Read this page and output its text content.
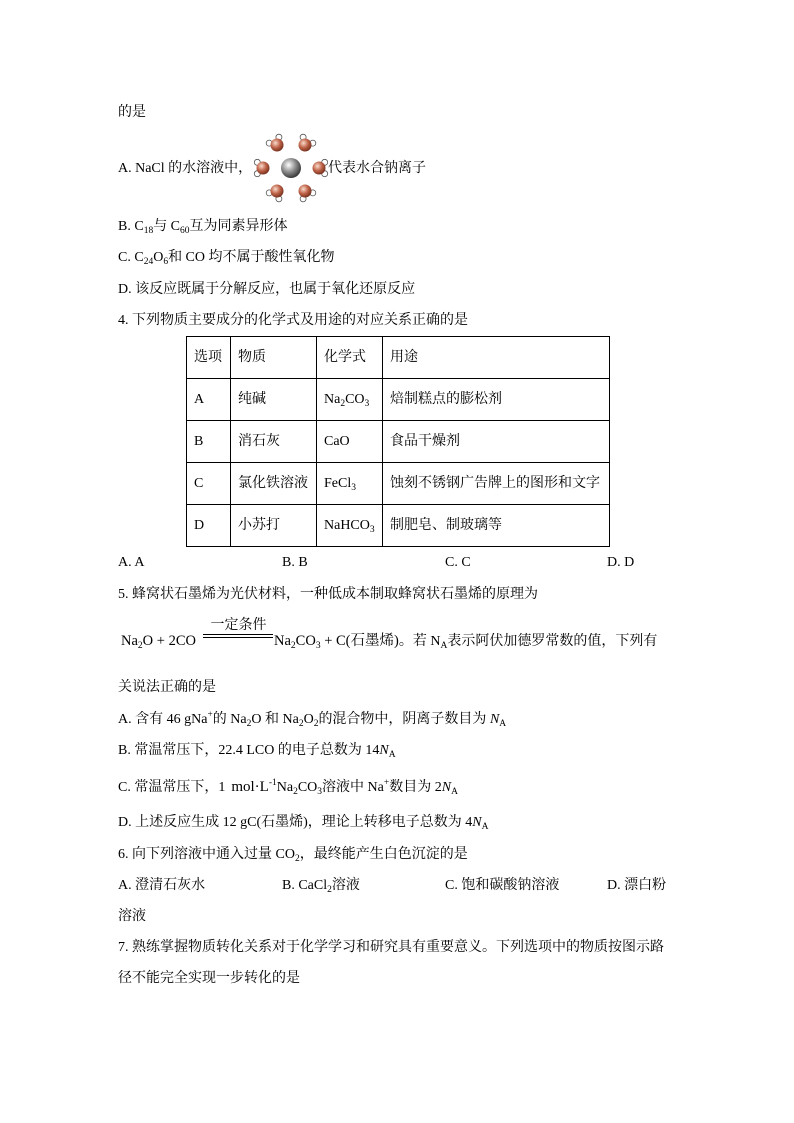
的是
A. NaCl 的水溶液中，	代表水合钠离子
B. $C_{18}$与 $C_{60}$互为同素异形体
C. $C_{24}O_6$和 CO 均不属于酸性氧化物
D. 该反应既属于分解反应，也属于氧化还原反应
4. 下列物质主要成分的化学式及用途的对应关系正确的是
选项	物质	化学式	用途
A	纯碱	$Na_2CO_3$	焙制糕点的膨松剂
B	消石灰	CaO	食品干燥剂
C	氯化铁溶液	FeCl$_3$	蚀刻不锈钢广告牌上的图形和文字
D	小苏打	NaHCO$_3$	制肥皂、制玻璃等
A. A	B. B	C. C	D. D
5. 蜂窝状石墨烯为光伏材料，一种低成本制取蜂窝状石墨烯的原理为
$Na_2O + 2CO$
一定条件
$Na_2CO_3 + C$(石墨烯)。若 $N_A$表示阿伏加德罗常数的值，下列有
关说法正确的是
A. 含有 46 gNa+的 $Na_2O$ 和 $Na_2O_2$的混合物中，阴离子数目为 $N_A$
B. 常温常压下，22.4 LCO 的电子总数为 $14N_A$
C. 常温常压下，1 $mol\cdot L^{-1}Na_2CO_3$溶液中 Na+数目为 $2N_A$
D. 上述反应生成 12 gC(石墨烯)，理论上转移电子总数为 $4N_A$
6. 向下列溶液中通入过量 $CO_2$，最终能产生白色沉淀的是
A. 澄清石灰水	B. CaCl$_2$溶液	C. 饱和碳酸钠溶液	D. 漂白粉
溶液
7. 熟练掌握物质转化关系对于化学学习和研究具有重要意义。下列选项中的物质按图示路
径不能完全实现一步转化的是
